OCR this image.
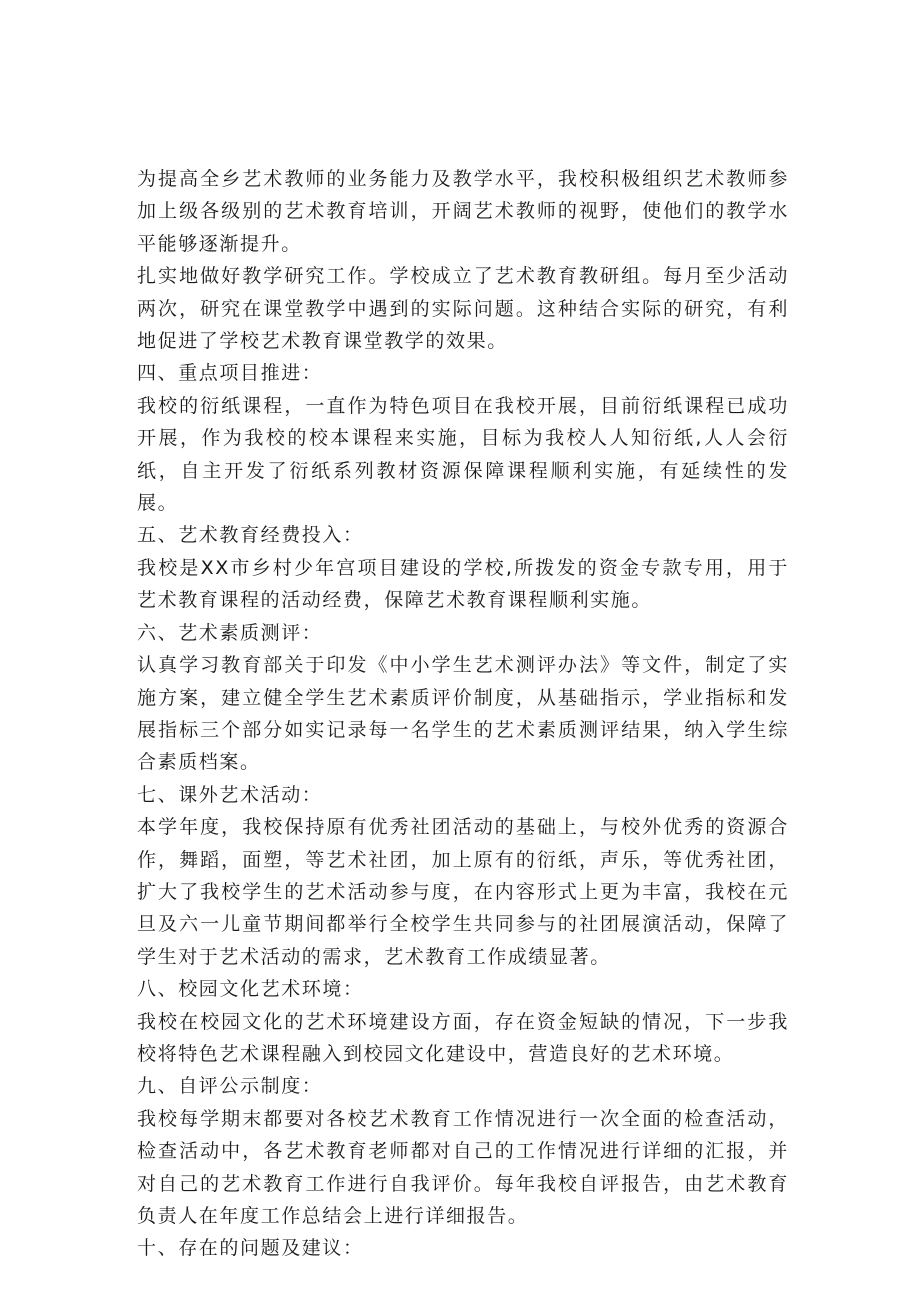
为提高全乡艺术教师的业务能力及教学水平，我校积极组织艺术教师参加上级各级别的艺术教育培训，开阔艺术教师的视野，使他们的教学水平能够逐渐提升。

扎实地做好教学研究工作。学校成立了艺术教育教研组。每月至少活动两次，研究在课堂教学中遇到的实际问题。这种结合实际的研究，有利地促进了学校艺术教育课堂教学的效果。

四、重点项目推进：

我校的衍纸课程，一直作为特色项目在我校开展，目前衍纸课程已成功开展，作为我校的校本课程来实施，目标为我校人人知衍纸,人人会衍纸，自主开发了衍纸系列教材资源保障课程顺利实施，有延续性的发展。

五、艺术教育经费投入：

我校是XX市乡村少年宫项目建设的学校,所拨发的资金专款专用，用于艺术教育课程的活动经费，保障艺术教育课程顺利实施。

六、艺术素质测评：

认真学习教育部关于印发《中小学生艺术测评办法》等文件，制定了实施方案，建立健全学生艺术素质评价制度，从基础指示，学业指标和发展指标三个部分如实记录每一名学生的艺术素质测评结果，纳入学生综合素质档案。

七、课外艺术活动：

本学年度，我校保持原有优秀社团活动的基础上，与校外优秀的资源合作，舞蹈，面塑，等艺术社团，加上原有的衍纸，声乐，等优秀社团，扩大了我校学生的艺术活动参与度，在内容形式上更为丰富，我校在元旦及六一儿童节期间都举行全校学生共同参与的社团展演活动，保障了学生对于艺术活动的需求，艺术教育工作成绩显著。

八、校园文化艺术环境：

我校在校园文化的艺术环境建设方面，存在资金短缺的情况，下一步我校将特色艺术课程融入到校园文化建设中，营造良好的艺术环境。

九、自评公示制度：

我校每学期末都要对各校艺术教育工作情况进行一次全面的检查活动，检查活动中，各艺术教育老师都对自己的工作情况进行详细的汇报，并对自己的艺术教育工作进行自我评价。每年我校自评报告，由艺术教育负责人在年度工作总结会上进行详细报告。

十、存在的问题及建议：
